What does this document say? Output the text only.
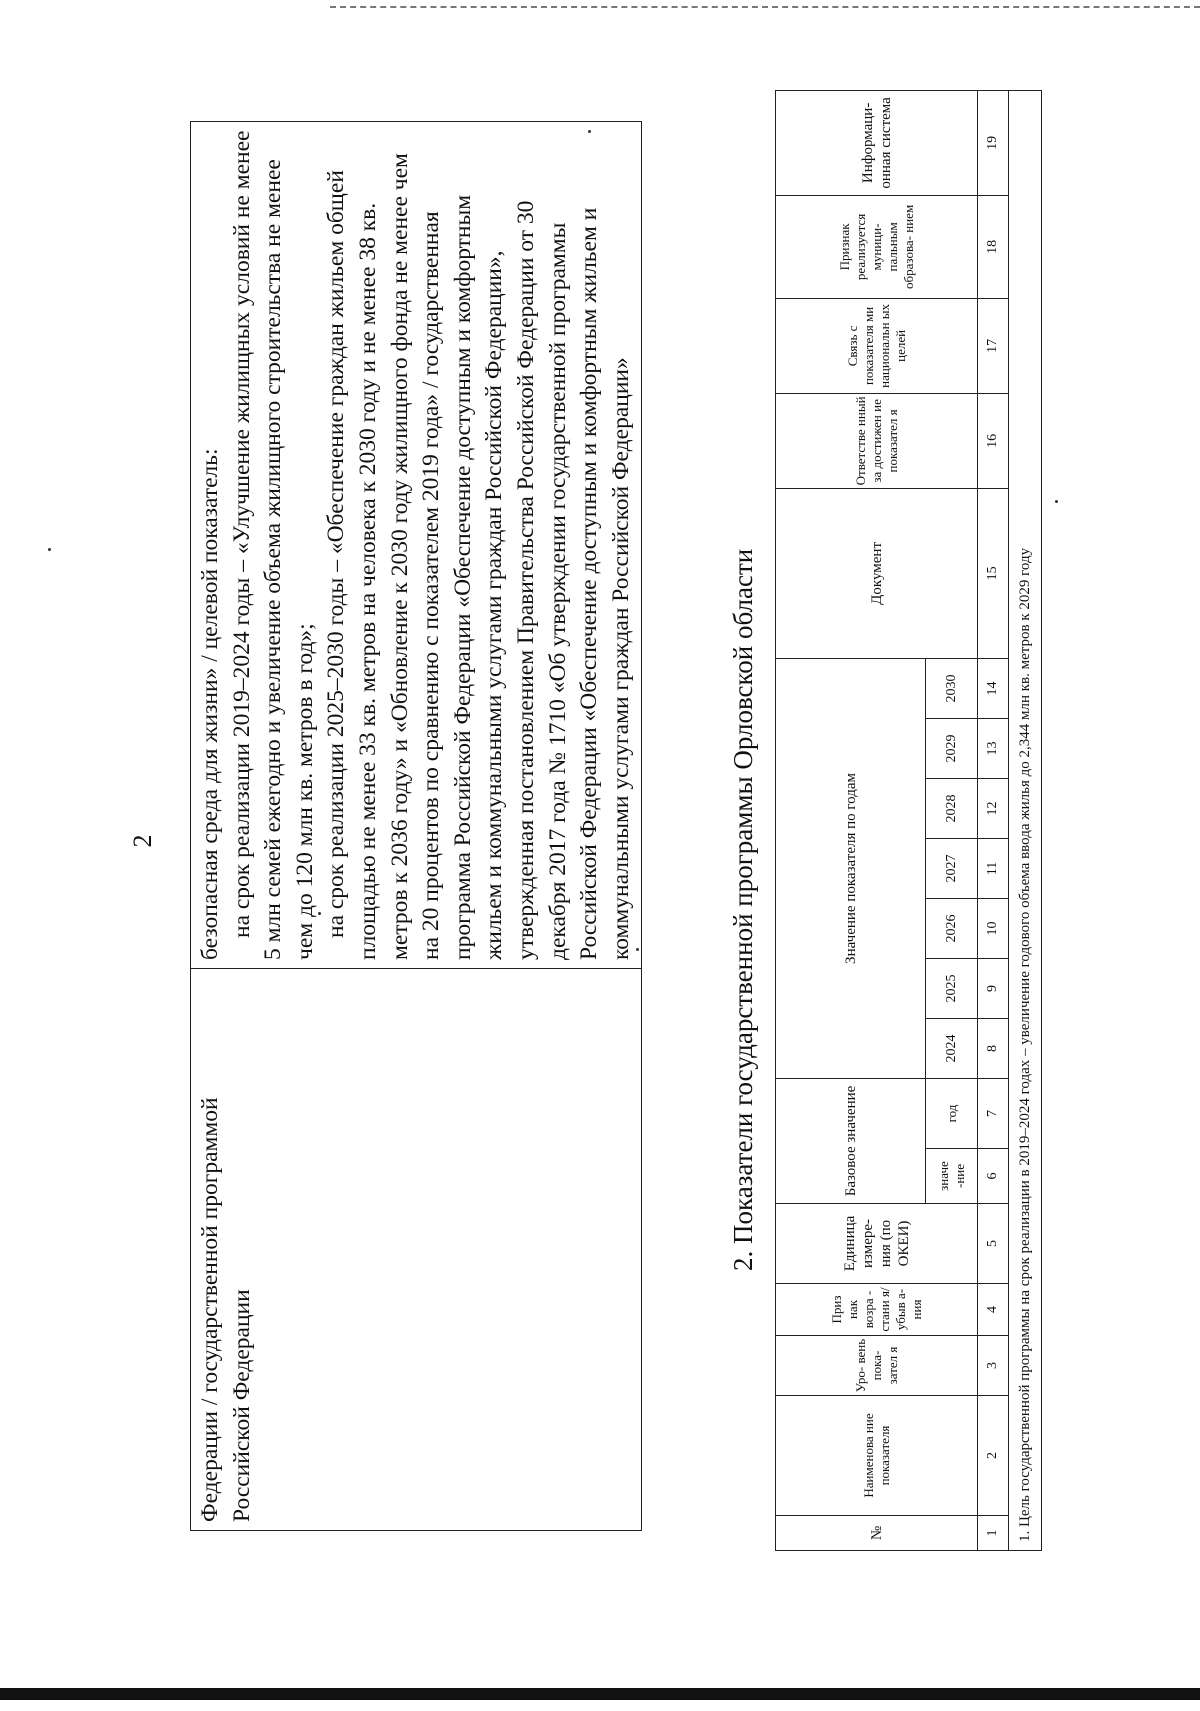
2

Федерации / государственной программой Российской Федерации

безопасная среда для жизни» / целевой показатель: на срок реализации 2019–2024 годы – «Улучшение жилищных условий не менее 5 млн семей ежегодно и увеличение объема жилищного строительства не менее чем до 120 млн кв. метров в год»; на срок реализации 2025–2030 годы – «Обеспечение граждан жильем общей площадью не менее 33 кв. метров на человека к 2030 году и не менее 38 кв. метров к 2036 году» и «Обновление к 2030 году жилищного фонда не менее чем на 20 процентов по сравнению с показателем 2019 года» / государственная программа Российской Федерации «Обеспечение доступным и комфортным жильем и коммунальными услугами граждан Российской Федерации», утвержденная постановлением Правительства Российской Федерации от 30 декабря 2017 года № 1710 «Об утверждении государственной программы Российской Федерации «Обеспечение доступным и комфортным жильем и коммунальными услугами граждан Российской Федерации»	2. Показатели государственной программы Орловской области
№	Наименова ние показателя	Уро- вень пока- зател я	Приз нак возра - стани я/ убыв а- ния	Единица измере- ния (по ОКЕИ)	Базовое значение		Значение показателя по годам							Документ	Ответстве нный за достижен ие показател я	Связь с показателя ми национальн ых целей	Признак реализуется муници- пальным образова- нием	Информаци- онная система
					значе -ние	год	2024	2025	2026	2027	2028	2029	2030					
1	2	3	4	5	6	7	8	9	10	11	12	13	14	15	16	17	18	19
1. Цель государственной программы на срок реализации в 2019–2024 годах – увеличение годового объема ввода жилья до 2,344 млн кв. метров к 2029 году																		
